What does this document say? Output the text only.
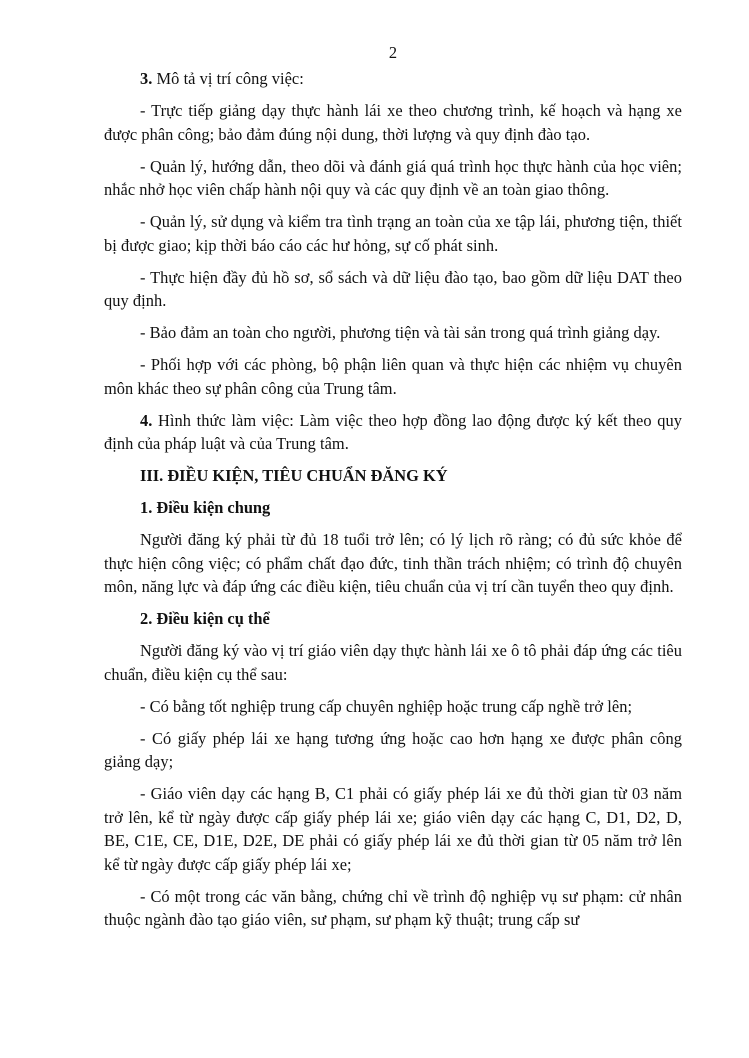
2

3. Mô tả vị trí công việc:

- Trực tiếp giảng dạy thực hành lái xe theo chương trình, kế hoạch và hạng xe được phân công; bảo đảm đúng nội dung, thời lượng và quy định đào tạo.

- Quản lý, hướng dẫn, theo dõi và đánh giá quá trình học thực hành của học viên; nhắc nhở học viên chấp hành nội quy và các quy định về an toàn giao thông.

- Quản lý, sử dụng và kiểm tra tình trạng an toàn của xe tập lái, phương tiện, thiết bị được giao; kịp thời báo cáo các hư hỏng, sự cố phát sinh.

- Thực hiện đầy đủ hồ sơ, sổ sách và dữ liệu đào tạo, bao gồm dữ liệu DAT theo quy định.

- Bảo đảm an toàn cho người, phương tiện và tài sản trong quá trình giảng dạy.

- Phối hợp với các phòng, bộ phận liên quan và thực hiện các nhiệm vụ chuyên môn khác theo sự phân công của Trung tâm.

4. Hình thức làm việc: Làm việc theo hợp đồng lao động được ký kết theo quy định của pháp luật và của Trung tâm.

III. ĐIỀU KIỆN, TIÊU CHUẨN ĐĂNG KÝ

1. Điều kiện chung

Người đăng ký phải từ đủ 18 tuổi trở lên; có lý lịch rõ ràng; có đủ sức khỏe để thực hiện công việc; có phẩm chất đạo đức, tinh thần trách nhiệm; có trình độ chuyên môn, năng lực và đáp ứng các điều kiện, tiêu chuẩn của vị trí cần tuyển theo quy định.

2. Điều kiện cụ thể

Người đăng ký vào vị trí giáo viên dạy thực hành lái xe ô tô phải đáp ứng các tiêu chuẩn, điều kiện cụ thể sau:

- Có bằng tốt nghiệp trung cấp chuyên nghiệp hoặc trung cấp nghề trở lên;

- Có giấy phép lái xe hạng tương ứng hoặc cao hơn hạng xe được phân công giảng dạy;

- Giáo viên dạy các hạng B, C1 phải có giấy phép lái xe đủ thời gian từ 03 năm trở lên, kể từ ngày được cấp giấy phép lái xe; giáo viên dạy các hạng C, D1, D2, D, BE, C1E, CE, D1E, D2E, DE phải có giấy phép lái xe đủ thời gian từ 05 năm trở lên kể từ ngày được cấp giấy phép lái xe;

- Có một trong các văn bằng, chứng chỉ về trình độ nghiệp vụ sư phạm: cử nhân thuộc ngành đào tạo giáo viên, sư phạm, sư phạm kỹ thuật; trung cấp sư
